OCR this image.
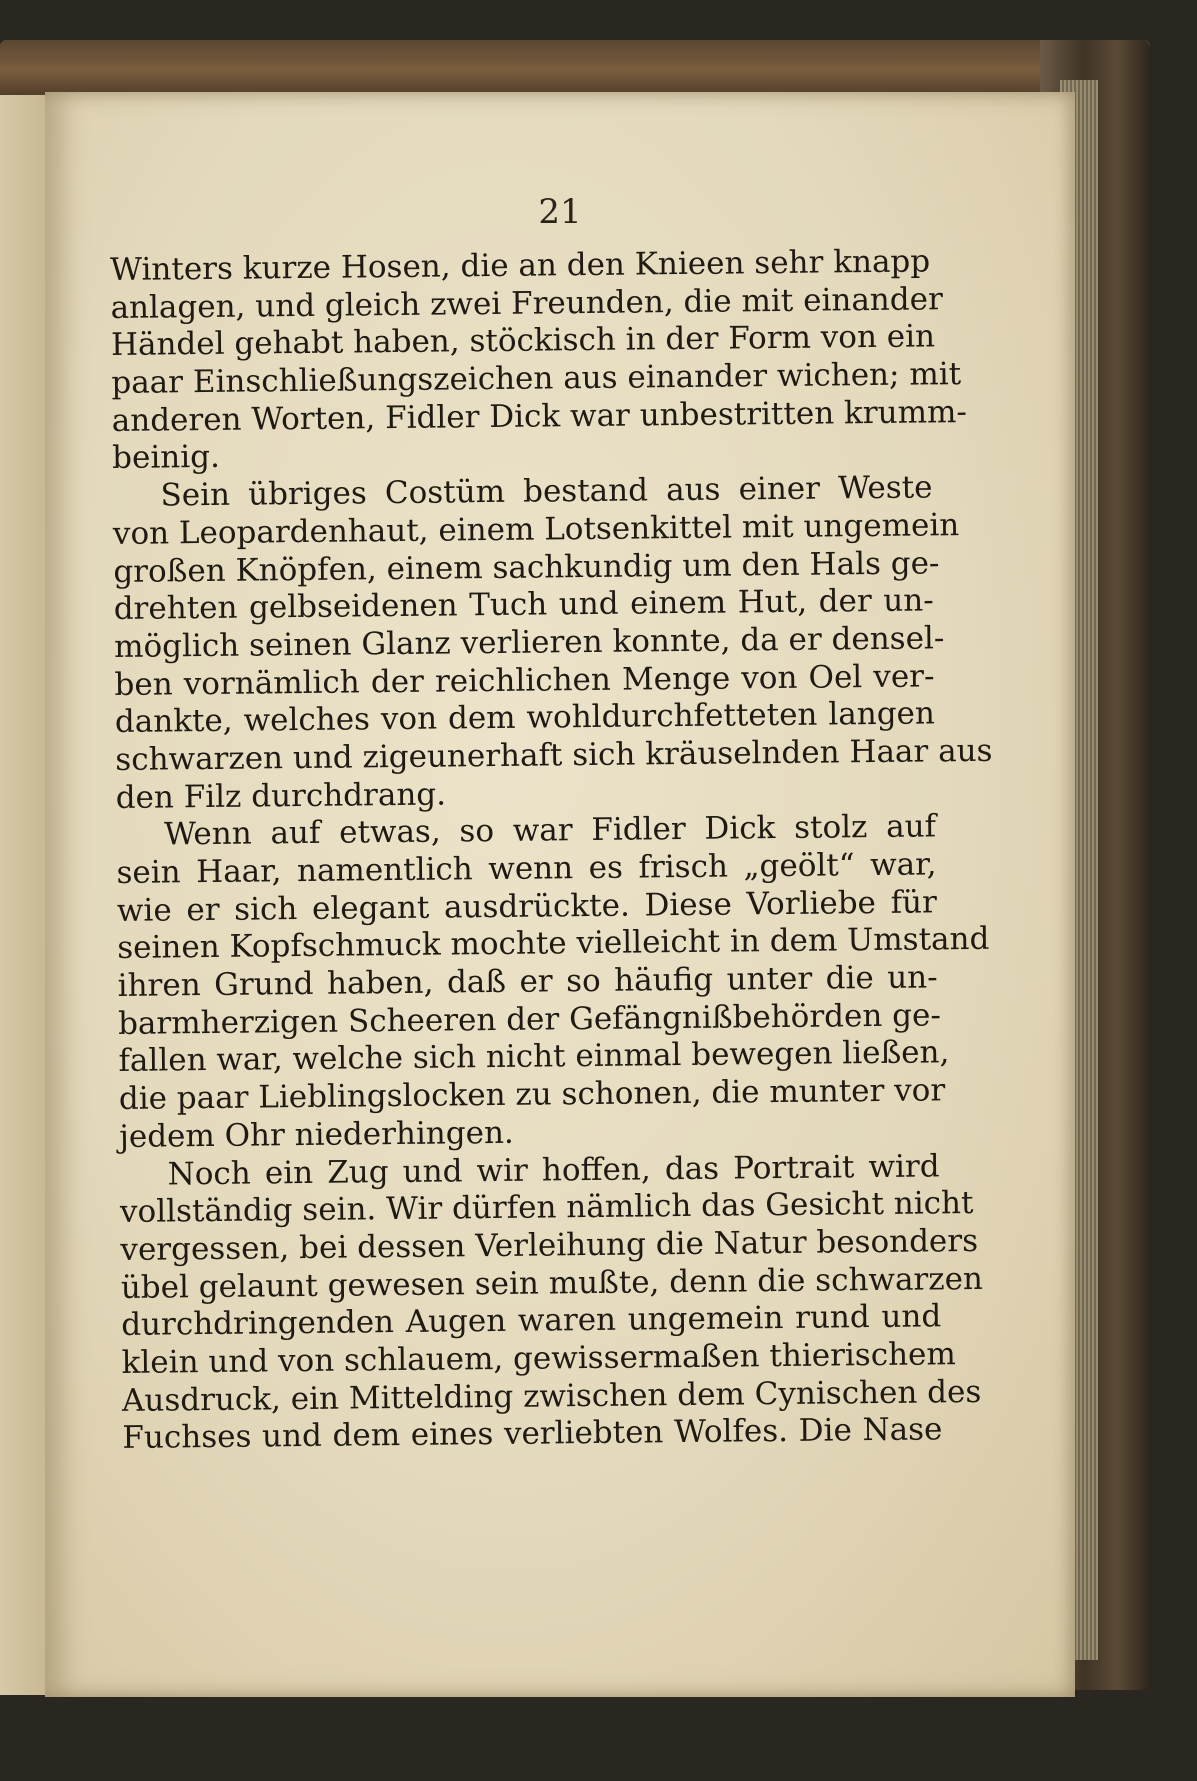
21
Winters kurze Hosen, die an den Knieen sehr knapp
anlagen, und gleich zwei Freunden, die mit einander
Händel gehabt haben, stöckisch in der Form von ein
paar Einschließungszeichen aus einander wichen; mit
anderen Worten, Fidler Dick war unbestritten krumm-
beinig.
Sein übriges Costüm bestand aus einer Weste
von Leopardenhaut, einem Lotsenkittel mit ungemein
großen Knöpfen, einem sachkundig um den Hals ge-
drehten gelbseidenen Tuch und einem Hut, der un-
möglich seinen Glanz verlieren konnte, da er densel-
ben vornämlich der reichlichen Menge von Oel ver-
dankte, welches von dem wohldurchfetteten langen
schwarzen und zigeunerhaft sich kräuselnden Haar aus
den Filz durchdrang.
Wenn auf etwas, so war Fidler Dick stolz auf
sein Haar, namentlich wenn es frisch „geölt“ war,
wie er sich elegant ausdrückte. Diese Vorliebe für
seinen Kopfschmuck mochte vielleicht in dem Umstand
ihren Grund haben, daß er so häufig unter die un-
barmherzigen Scheeren der Gefängnißbehörden ge-
fallen war, welche sich nicht einmal bewegen ließen,
die paar Lieblingslocken zu schonen, die munter vor
jedem Ohr niederhingen.
Noch ein Zug und wir hoffen, das Portrait wird
vollständig sein. Wir dürfen nämlich das Gesicht nicht
vergessen, bei dessen Verleihung die Natur besonders
übel gelaunt gewesen sein mußte, denn die schwarzen
durchdringenden Augen waren ungemein rund und
klein und von schlauem, gewissermaßen thierischem
Ausdruck, ein Mittelding zwischen dem Cynischen des
Fuchses und dem eines verliebten Wolfes. Die Nase
